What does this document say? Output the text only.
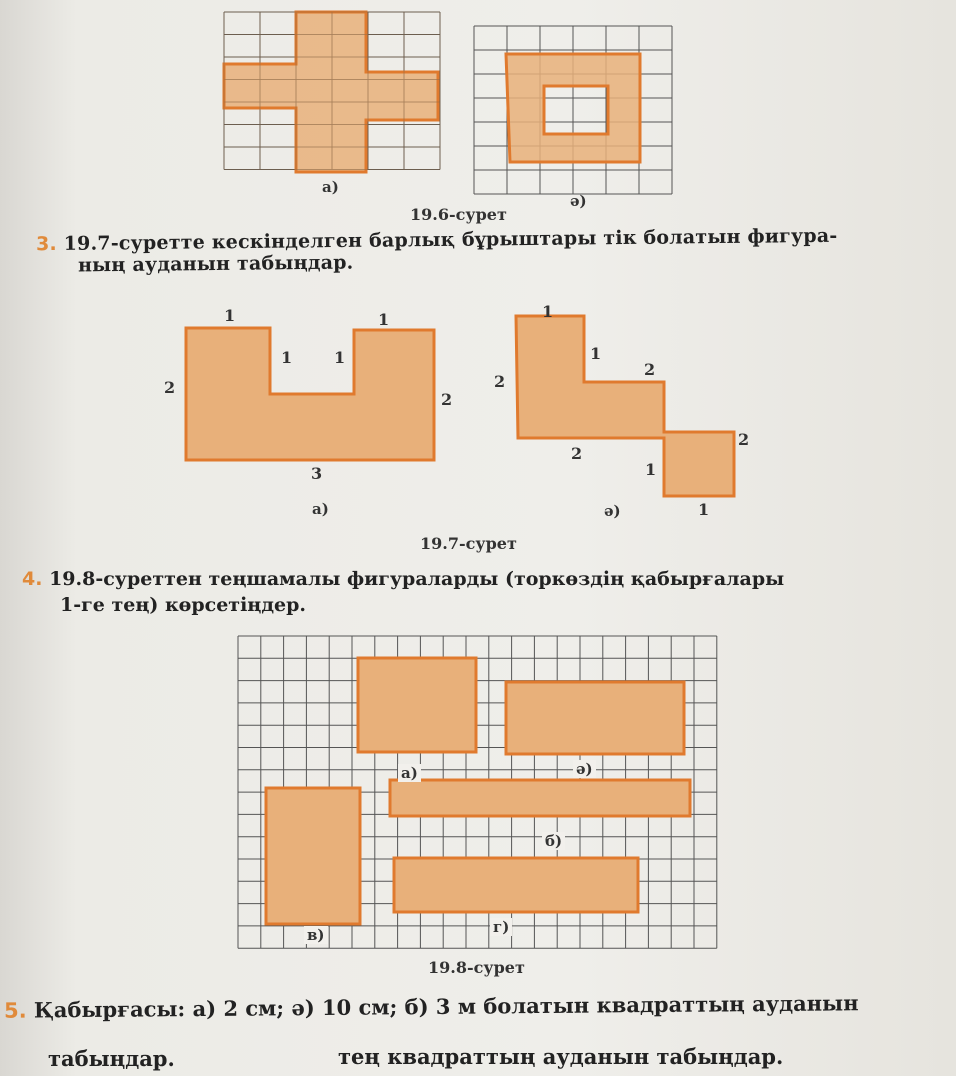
а)
ә)
19.6-сурет
3. 19.7-суретте кескінделген барлық бұрыштары тік болатын фигура-
ның ауданын табыңдар.
1	1
1	1
2
2
3
а)
1
1
2
2
2
2
1
1
ә)
19.7-сурет
4. 19.8-суреттен теңшамалы фигураларды (торкөздің қабырғалары
1-ге тең) көрсетіңдер.
а)	ә)
б)
в)	г)
19.8-сурет
5. Қабырғасы: а) 2 см; ә) 10 см; б) 3 м болатын квадраттың ауданын
табыңдар.	тең квадраттың ауданын табыңдар.
